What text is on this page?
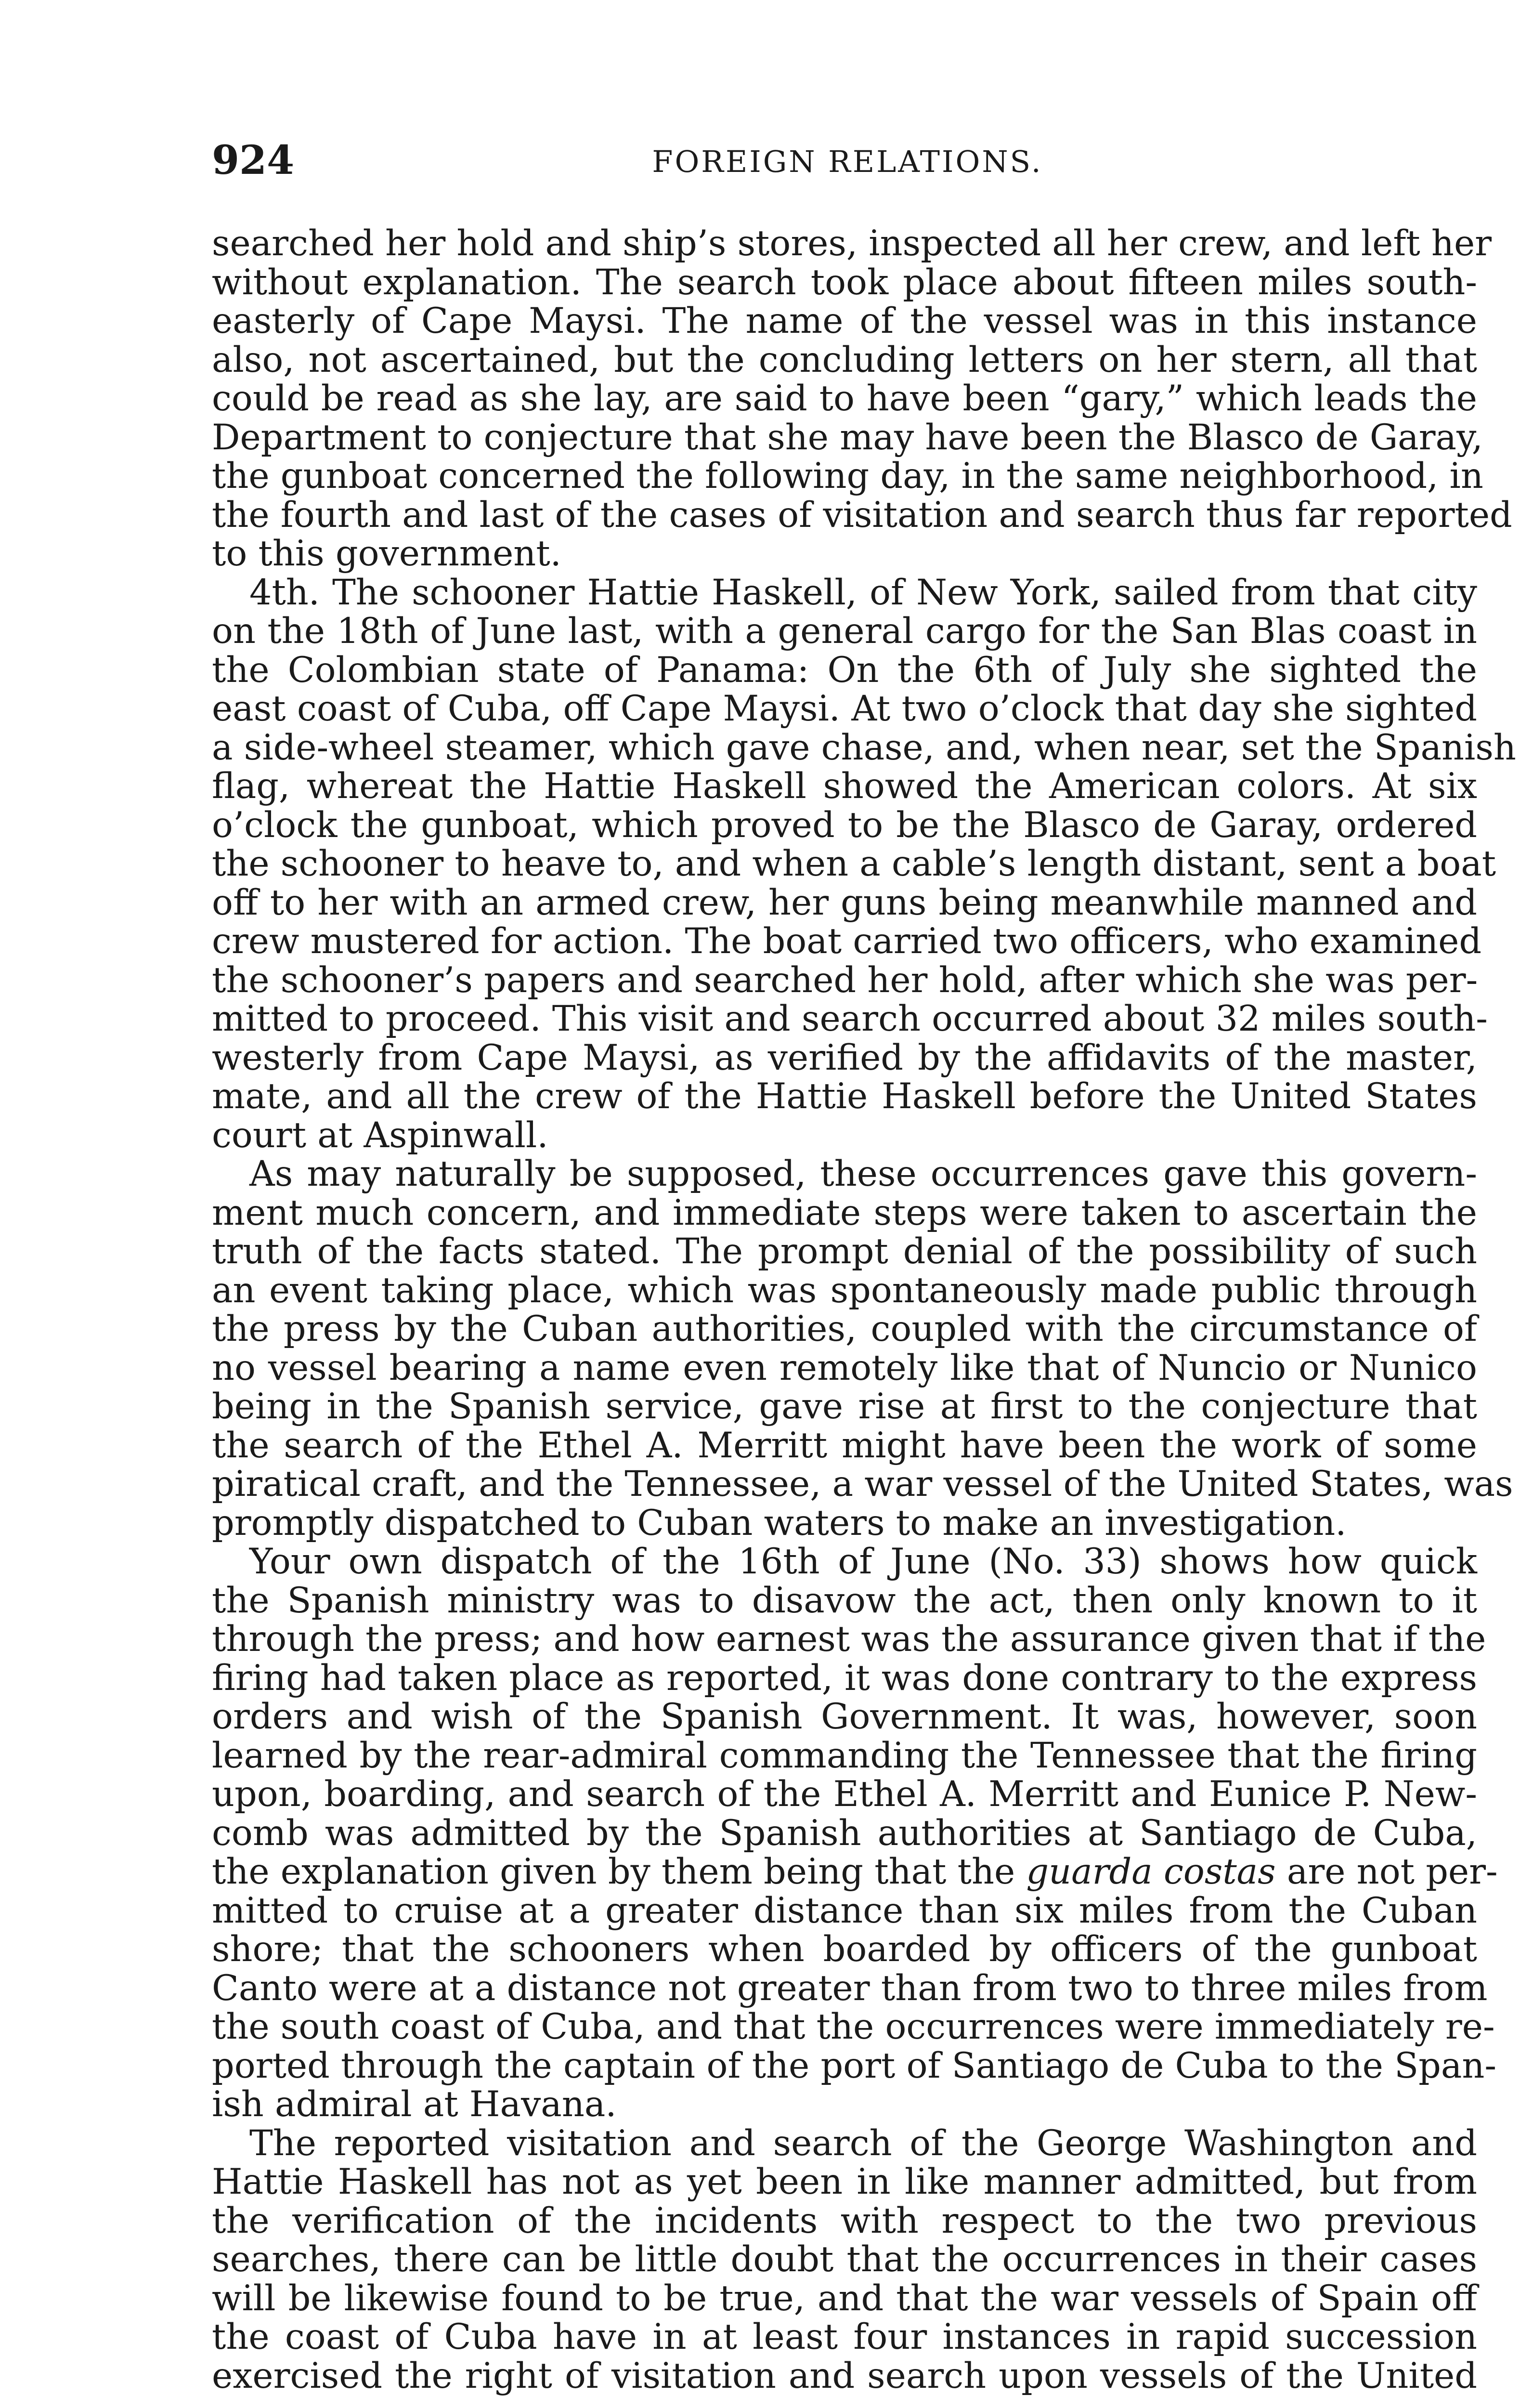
924	FOREIGN RELATIONS.
searched her hold and ship’s stores, inspected all her crew, and left her
without explanation. The search took place about fifteen miles south-
easterly of Cape Maysi. The name of the vessel was in this instance
also, not ascertained, but the concluding letters on her stern, all that
could be read as she lay, are said to have been “gary,” which leads the
Department to conjecture that she may have been the Blasco de Garay,
the gunboat concerned the following day, in the same neighborhood, in
the fourth and last of the cases of visitation and search thus far reported
to this government.
4th. The schooner Hattie Haskell, of New York, sailed from that city
on the 18th of June last, with a general cargo for the San Blas coast in
the Colombian state of Panama: On the 6th of July she sighted the
east coast of Cuba, off Cape Maysi. At two o’clock that day she sighted
a side-wheel steamer, which gave chase, and, when near, set the Spanish
flag, whereat the Hattie Haskell showed the American colors. At six
o’clock the gunboat, which proved to be the Blasco de Garay, ordered
the schooner to heave to, and when a cable’s length distant, sent a boat
off to her with an armed crew, her guns being meanwhile manned and
crew mustered for action. The boat carried two officers, who examined
the schooner’s papers and searched her hold, after which she was per-
mitted to proceed. This visit and search occurred about 32 miles south-
westerly from Cape Maysi, as verified by the affidavits of the master,
mate, and all the crew of the Hattie Haskell before the United States
court at Aspinwall.
As may naturally be supposed, these occurrences gave this govern-
ment much concern, and immediate steps were taken to ascertain the
truth of the facts stated. The prompt denial of the possibility of such
an event taking place, which was spontaneously made public through
the press by the Cuban authorities, coupled with the circumstance of
no vessel bearing a name even remotely like that of Nuncio or Nunico
being in the Spanish service, gave rise at first to the conjecture that
the search of the Ethel A. Merritt might have been the work of some
piratical craft, and the Tennessee, a war vessel of the United States, was
promptly dispatched to Cuban waters to make an investigation.
Your own dispatch of the 16th of June (No. 33) shows how quick
the Spanish ministry was to disavow the act, then only known to it
through the press; and how earnest was the assurance given that if the
firing had taken place as reported, it was done contrary to the express
orders and wish of the Spanish Government. It was, however, soon
learned by the rear-admiral commanding the Tennessee that the firing
upon, boarding, and search of the Ethel A. Merritt and Eunice P. New-
comb was admitted by the Spanish authorities at Santiago de Cuba,
the explanation given by them being that the guarda costas are not per-
mitted to cruise at a greater distance than six miles from the Cuban
shore; that the schooners when boarded by officers of the gunboat
Canto were at a distance not greater than from two to three miles from
the south coast of Cuba, and that the occurrences were immediately re-
ported through the captain of the port of Santiago de Cuba to the Span-
ish admiral at Havana.
The reported visitation and search of the George Washington and
Hattie Haskell has not as yet been in like manner admitted, but from
the verification of the incidents with respect to the two previous
searches, there can be little doubt that the occurrences in their cases
will be likewise found to be true, and that the war vessels of Spain off
the coast of Cuba have in at least four instances in rapid succession
exercised the right of visitation and search upon vessels of the United
